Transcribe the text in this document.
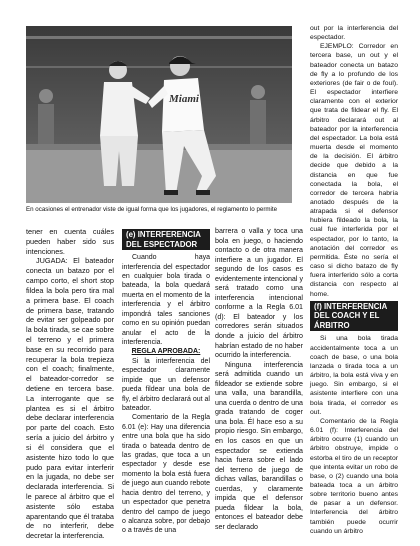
Miami
En ocasiones el entrenador viste de igual forma que los jugadores, el reglamento lo permite

tener en cuenta cuáles pueden haber sido sus intenciones.

JUGADA: El bateador conecta un batazo por el campo corto, el short stop fildea la bola pero tira mal a primera base. El coach de primera base, tratando de evitar ser golpeado por la bola tirada, se cae sobre el terreno y el primera base en su recorrido para recuperar la bola trepieza con el coach; finalmente, el bateador-corredor se detiene en tercera base. La interrogante que se plantea es si el árbitro debe declarar interferencia por parte del coach. Esto sería a juicio del árbitro y si él considera que el asistente hizo todo lo que pudo para evitar interferir en la jugada, no debe ser declarada interferencia. Si le parece al árbitro que el asistente sólo estaba aparentando que él trataba de no interferir, debe decretar la interferencia.

(e) INTERFERENCIA DEL ESPECTADOR

Cuando haya interferencia del espectador en cualquier bola tirada o bateada, la bola quedará muerta en el momento de la interferencia y el árbitro impondrá tales sanciones como en su opinión puedan anular el acto de la interferencia.

REGLA APROBADA:

Si la interferencia del espectador claramente impide que un defensor pueda fildear una bola de fly, el árbitro declarará out al bateador.

Comentario de la Regla 6.01 (e): Hay una diferencia entre una bola que ha sido tirada o bateada dentro de las gradas, que toca a un espectador y desde ese momento la bola está fuera de juego aun cuando rebote hacia dentro del terreno, y un espectador que penetra dentro del campo de juego o alcanza sobre, por debajo o a través de una

barrera o valla y toca una bola en juego, o haciendo contacto o de otra manera interfiere a un jugador. El segundo de los casos es evidentemente intencional y será tratado como una interferencia intencional conforme a la Regla 6.01 (d): El bateador y los corredores serán situados donde a juicio del árbitro habrían estado de no haber ocurrido la interferencia.

Ninguna interferencia será admitida cuando un fildeador se extiende sobre una valla, una barandilla, una cuerda o dentro de una grada tratando de coger una bola. Él hace eso a su propio riesgo. Sin embargo, en los casos en que un espectador se extienda hacia fuera sobre el lado del terreno de juego de dichas vallas, barandillas o cuerdas, y claramente impida que el defensor pueda fildear la bola, entonces el bateador debe ser declarado

out por la interferencia del espectador.

EJEMPLO: Corredor en tercera base, un out y el bateador conecta un batazo de fly a lo profundo de los exteriores (de fair o de foul). El espectador interfiere claramente con el exterior que trata de fildear el fly. El árbitro declarará out al bateador por la interferencia del espectador. La bola está muerta desde el momento de la decisión. El árbitro decide que debido a la distancia en que fue conectada la bola, el corredor de tercera habría anotado después de la atrapada si el defensor hubiera fildeado la bola, la cual fue interferida por el espectador, por lo tanto, la anotación del corredor es permitida. Éste no sería el caso si dicho batazo de fly fuera interferido sólo a corta distancia con respecto al home.

(f) INTERFERENCIA DEL COACH Y EL ÁRBITRO

Si una bola tirada accidentalmente toca a un coach de base, o una bola lanzada o tirada toca a un árbitro, la bola está viva y en juego. Sin embargo, si el asistente interfiere con una bola tirada, el corredor es out.

Comentario de la Regla 6.01 (f): Interferencia del árbitro ocurre (1) cuando un árbitro obstruye, impide o estorba el tiro de un receptor que intenta evitar un robo de base, o (2) cuando una bola bateada toca a un árbitro sobre territorio bueno antes de pasar a un defensor. Interferencia del árbitro también puede ocurrir cuando un árbitro
